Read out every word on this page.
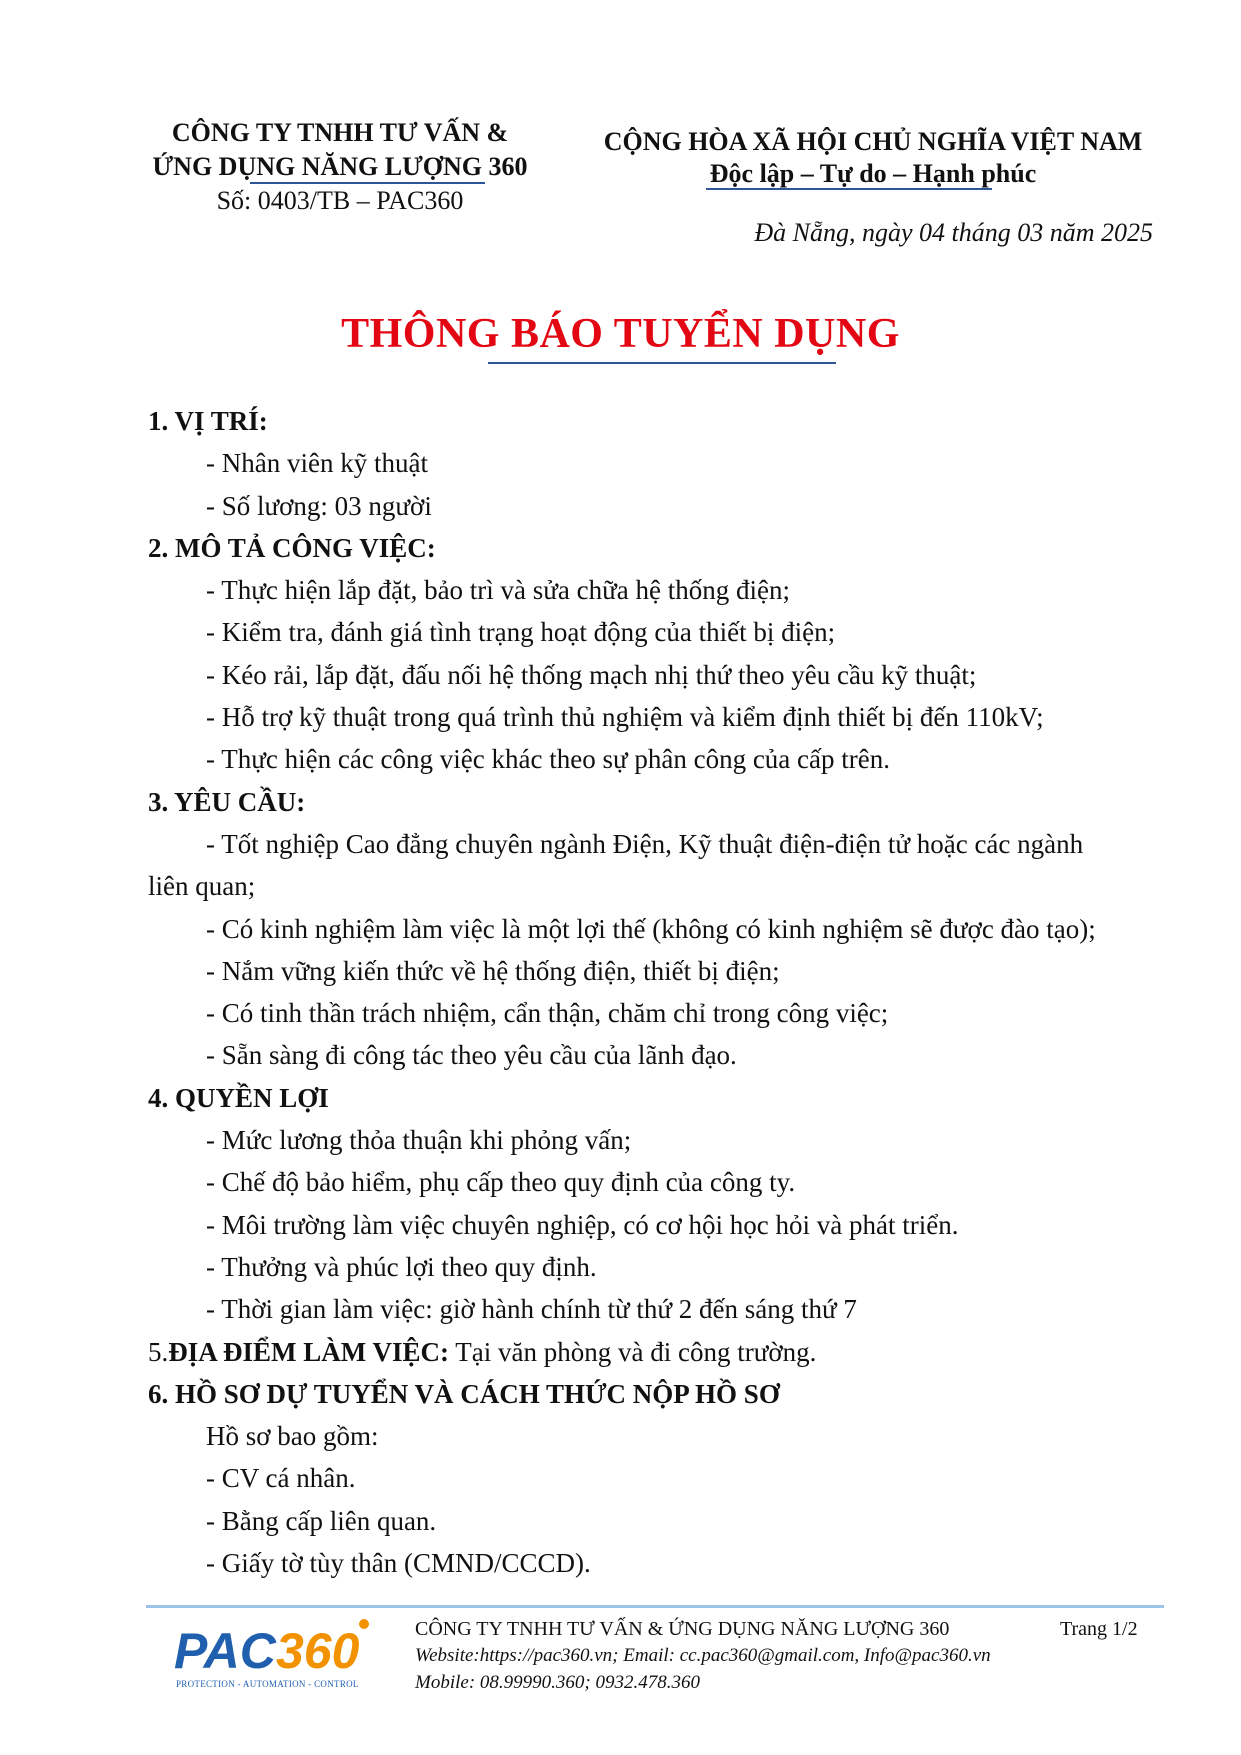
CÔNG TY TNHH TƯ VẤN &
ỨNG DỤNG NĂNG LƯỢNG 360
Số: 0403/TB – PAC360
CỘNG HÒA XÃ HỘI CHỦ NGHĨA VIỆT NAM
Độc lập – Tự do – Hạnh phúc
Đà Nẵng, ngày 04 tháng 03 năm 2025
THÔNG BÁO TUYỂN DỤNG
1. VỊ TRÍ:
- Nhân viên kỹ thuật
- Số lương: 03 người
2. MÔ TẢ CÔNG VIỆC:
- Thực hiện lắp đặt, bảo trì và sửa chữa hệ thống điện;
- Kiểm tra, đánh giá tình trạng hoạt động của thiết bị điện;
- Kéo rải, lắp đặt, đấu nối hệ thống mạch nhị thứ theo yêu cầu kỹ thuật;
- Hỗ trợ kỹ thuật trong quá trình thủ nghiệm và kiểm định thiết bị đến 110kV;
- Thực hiện các công việc khác theo sự phân công của cấp trên.
3. YÊU CẦU:
- Tốt nghiệp Cao đẳng chuyên ngành Điện, Kỹ thuật điện-điện tử hoặc các ngành
liên quan;
- Có kinh nghiệm làm việc là một lợi thế (không có kinh nghiệm sẽ được đào tạo);
- Nắm vững kiến thức về hệ thống điện, thiết bị điện;
- Có tinh thần trách nhiệm, cẩn thận, chăm chỉ trong công việc;
- Sẵn sàng đi công tác theo yêu cầu của lãnh đạo.
4. QUYỀN LỢI
- Mức lương thỏa thuận khi phỏng vấn;
- Chế độ bảo hiểm, phụ cấp theo quy định của công ty.
- Môi trường làm việc chuyên nghiệp, có cơ hội học hỏi và phát triển.
- Thưởng và phúc lợi theo quy định.
- Thời gian làm việc: giờ hành chính từ thứ 2 đến sáng thứ 7
5.ĐỊA ĐIỂM LÀM VIỆC: Tại văn phòng và đi công trường.
6. HỒ SƠ DỰ TUYỂN VÀ CÁCH THỨC NỘP HỒ SƠ
Hồ sơ bao gồm:
- CV cá nhân.
- Bằng cấp liên quan.
- Giấy tờ tùy thân (CMND/CCCD).
PAC 360
PROTECTION - AUTOMATION - CONTROL
CÔNG TY TNHH TƯ VẤN & ỨNG DỤNG NĂNG LƯỢNG 360	Trang 1/2
Website:https://pac360.vn; Email: cc.pac360@gmail.com, Info@pac360.vn
Mobile: 08.99990.360; 0932.478.360
